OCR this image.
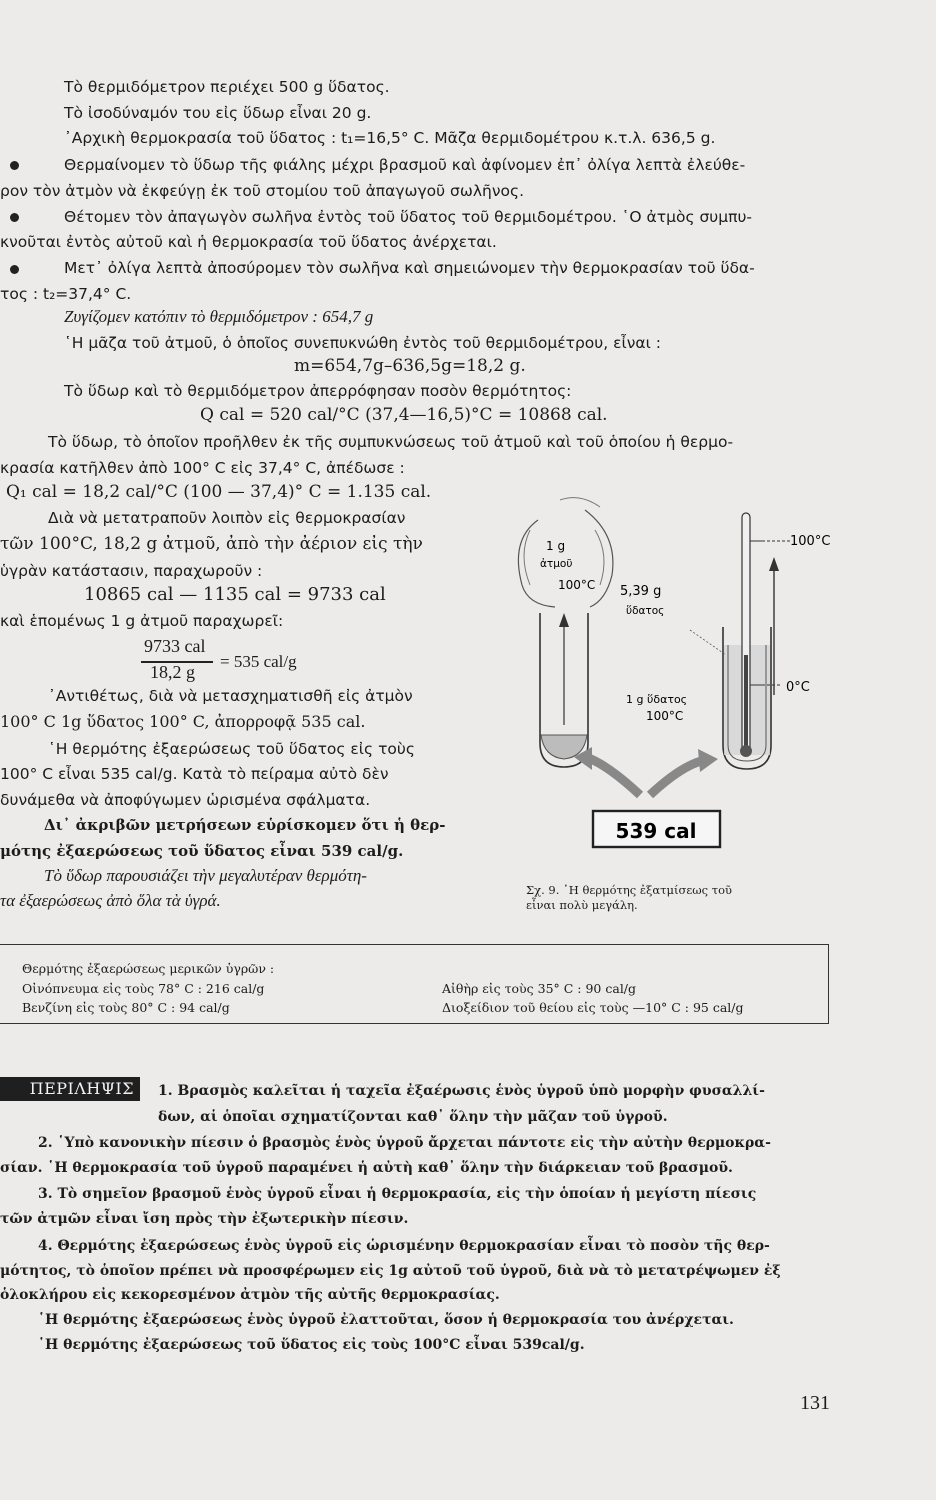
Τὸ θερμιδόμετρον περιέχει 500 g ὕδατος.
Τὸ ἰσοδύναμόν του εἰς ὕδωρ εἶναι 20 g.
᾿Αρχικὴ θερμοκρασία τοῦ ὕδατος : t₁=16,5° C. Μᾶζα θερμιδομέτρου κ.τ.λ. 636,5 g.
Θερμαίνομεν τὸ ὕδωρ τῆς φιάλης μέχρι βρασμοῦ καὶ ἀφίνομεν ἐπ᾿ ὀλίγα λεπτὰ ἐλεύθε-
ρον τὸν ἀτμὸν νὰ ἐκφεύγῃ ἐκ τοῦ στομίου τοῦ ἀπαγωγοῦ σωλῆνος.
Θέτομεν τὸν ἀπαγωγὸν σωλῆνα ἐντὸς τοῦ ὕδατος τοῦ θερμιδομέτρου. ῾Ο ἀτμὸς συμπυ-
κνοῦται ἐντὸς αὐτοῦ καὶ ἡ θερμοκρασία τοῦ ὕδατος ἀνέρχεται.
Μετ᾿ ὀλίγα λεπτὰ ἀποσύρομεν τὸν σωλῆνα καὶ σημειώνομεν τὴν θερμοκρασίαν τοῦ ὕδα-
τος : t₂=37,4° C.
Ζυγίζομεν κατόπιν τὸ θερμιδόμετρον : 654,7 g
῾Η μᾶζα τοῦ ἀτμοῦ, ὁ ὁποῖος συνεπυκνώθη ἐντὸς τοῦ θερμιδομέτρου, εἶναι :
m=654,7g–636,5g=18,2 g.
Τὸ ὕδωρ καὶ τὸ θερμιδόμετρον ἀπερρόφησαν ποσὸν θερμότητος:
Q cal = 520 cal/°C (37,4—16,5)°C = 10868 cal.
Τὸ ὕδωρ, τὸ ὁποῖον προῆλθεν ἐκ τῆς συμπυκνώσεως τοῦ ἀτμοῦ καὶ τοῦ ὁποίου ἡ θερμο-
κρασία κατῆλθεν ἀπὸ 100° C εἰς 37,4° C, ἀπέδωσε :
Q₁ cal = 18,2 cal/°C (100 — 37,4)° C = 1.135 cal.
Διὰ νὰ μετατραποῦν λοιπὸν εἰς θερμοκρασίαν
τῶν 100°C, 18,2 g ἀτμοῦ, ἀπὸ τὴν ἀέριον εἰς τὴν
ὑγρὰν κατάστασιν, παραχωροῦν :
10865 cal — 1135 cal = 9733 cal
καὶ ἑπομένως 1 g ἀτμοῦ παραχωρεῖ:
9733 cal
18,2 g
= 535 cal/g
᾿Αντιθέτως, διὰ νὰ μετασχηματισθῆ εἰς ἀτμὸν
100° C 1g ὕδατος 100° C, ἀπορροφᾷ 535 cal.
῾Η θερμότης ἐξαερώσεως τοῦ ὕδατος εἰς τοὺς
100° C εἶναι 535 cal/g. Κατὰ τὸ πείραμα αὐτὸ δὲν
δυνάμεθα νὰ ἀποφύγωμεν ὡρισμένα σφάλματα.
Δι᾿ ἀκριβῶν μετρήσεων εὑρίσκομεν ὅτι ἡ θερ-
μότης ἐξαερώσεως τοῦ ὕδατος εἶναι 539 cal/g.
Τὸ ὕδωρ παρουσιάζει τὴν μεγαλυτέραν θερμότη-
τα ἐξαερώσεως ἀπὸ ὅλα τὰ ὑγρά.
1 g
ἀτμοῦ
100°C 5,39 g
ὕδατος
1 g ὕδατος
100°C
100°C
0°C
539 cal
Σχ. 9. ῾Η θερμότης ἐξατμίσεως τοῦ
εἶναι πολὺ μεγάλη.
Θερμότης ἐξαερώσεως μερικῶν ὑγρῶν :
Οἰνόπνευμα εἰς τοὺς 78° C : 216 cal/g
Βενζίνη εἰς τοὺς 80° C : 94 cal/g
Αἰθὴρ εἰς τοὺς 35° C : 90 cal/g
Διοξείδιον τοῦ θείου εἰς τοὺς —10° C : 95 cal/g
ΠΕΡΙΛΗΨΙΣ	1. Βρασμὸς καλεῖται ἡ ταχεῖα ἐξαέρωσις ἑνὸς ὑγροῦ ὑπὸ μορφὴν φυσαλλί-
δων, αἱ ὁποῖαι σχηματίζονται καθ᾿ ὅλην τὴν μᾶζαν τοῦ ὑγροῦ.
2. ῾Υπὸ κανονικὴν πίεσιν ὁ βρασμὸς ἑνὸς ὑγροῦ ἄρχεται πάντοτε εἰς τὴν αὐτὴν θερμοκρα-
σίαν. ῾Η θερμοκρασία τοῦ ὑγροῦ παραμένει ἡ αὐτὴ καθ᾿ ὅλην τὴν διάρκειαν τοῦ βρασμοῦ.
3. Τὸ σημεῖον βρασμοῦ ἑνὸς ὑγροῦ εἶναι ἡ θερμοκρασία, εἰς τὴν ὁποίαν ἡ μεγίστη πίεσις
τῶν ἀτμῶν εἶναι ἴση πρὸς τὴν ἐξωτερικὴν πίεσιν.
4. Θερμότης ἐξαερώσεως ἑνὸς ὑγροῦ εἰς ὡρισμένην θερμοκρασίαν εἶναι τὸ ποσὸν τῆς θερ-
μότητος, τὸ ὁποῖον πρέπει νὰ προσφέρωμεν εἰς 1g αὐτοῦ τοῦ ὑγροῦ, διὰ νὰ τὸ μετατρέψωμεν ἐξ
ὁλοκλήρου εἰς κεκορεσμένον ἀτμὸν τῆς αὐτῆς θερμοκρασίας.
῾Η θερμότης ἐξαερώσεως ἑνὸς ὑγροῦ ἐλαττοῦται, ὅσον ἡ θερμοκρασία του ἀνέρχεται.
῾Η θερμότης ἐξαερώσεως τοῦ ὕδατος εἰς τοὺς 100°C εἶναι 539cal/g.
131
